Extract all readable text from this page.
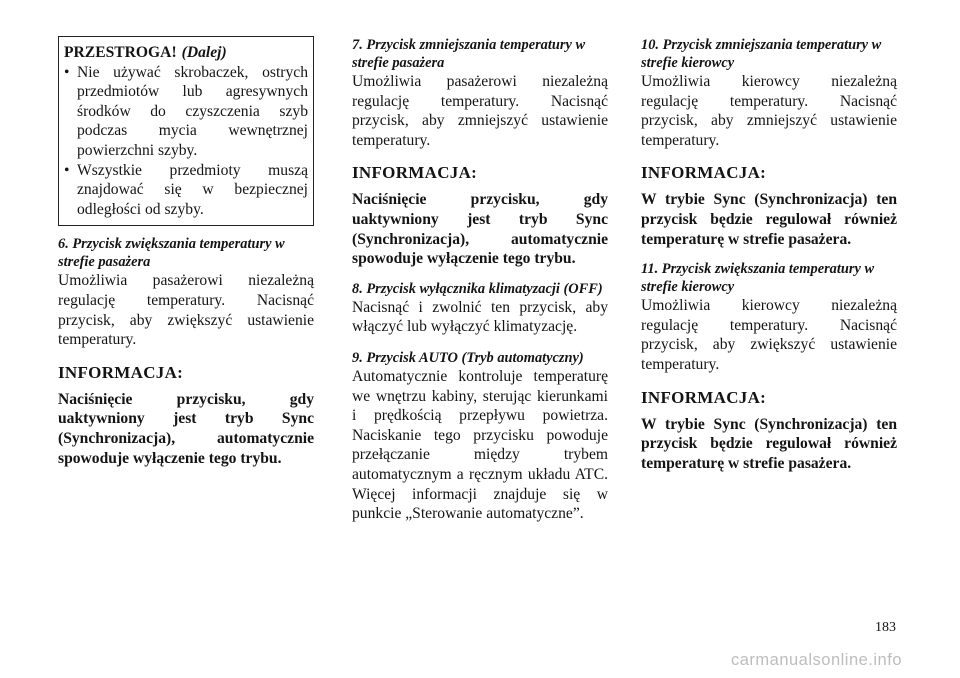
PRZESTROGA! (Dalej)
• Nie używać skrobaczek, ostrych przedmiotów lub agresywnych środków do czyszczenia szyb podczas mycia wewnętrznej powierzchni szyby.
• Wszystkie przedmioty muszą znajdować się w bezpiecznej odległości od szyby.
6. Przycisk zwiększania temperatury w strefie pasażera

Umożliwia pasażerowi niezależną regulację temperatury. Nacisnąć przycisk, aby zwiększyć ustawienie temperatury.

INFORMACJA:

Naciśnięcie przycisku, gdy uaktywniony jest tryb Sync (Synchronizacja), automatycznie spowoduje wyłączenie tego trybu.

7. Przycisk zmniejszania temperatury w strefie pasażera

Umożliwia pasażerowi niezależną regulację temperatury. Nacisnąć przycisk, aby zmniejszyć ustawienie temperatury.

INFORMACJA:

Naciśnięcie przycisku, gdy uaktywniony jest tryb Sync (Synchronizacja), automatycznie spowoduje wyłączenie tego trybu.

8. Przycisk wyłącznika klimatyzacji (OFF)

Nacisnąć i zwolnić ten przycisk, aby włączyć lub wyłączyć klimatyzację.

9. Przycisk AUTO (Tryb automatyczny)

Automatycznie kontroluje temperaturę we wnętrzu kabiny, sterując kierunkami i prędkością przepływu powietrza. Naciskanie tego przycisku powoduje przełączanie między trybem automatycznym a ręcznym układu ATC. Więcej informacji znajduje się w punkcie „Sterowanie automatyczne”.

10. Przycisk zmniejszania temperatury w strefie kierowcy

Umożliwia kierowcy niezależną regulację temperatury. Nacisnąć przycisk, aby zmniejszyć ustawienie temperatury.

INFORMACJA:

W trybie Sync (Synchronizacja) ten przycisk będzie regulował również temperaturę w strefie pasażera.

11. Przycisk zwiększania temperatury w strefie kierowcy

Umożliwia kierowcy niezależną regulację temperatury. Nacisnąć przycisk, aby zwiększyć ustawienie temperatury.

INFORMACJA:

W trybie Sync (Synchronizacja) ten przycisk będzie regulował również temperaturę w strefie pasażera.

183
carmanualsonline.info
